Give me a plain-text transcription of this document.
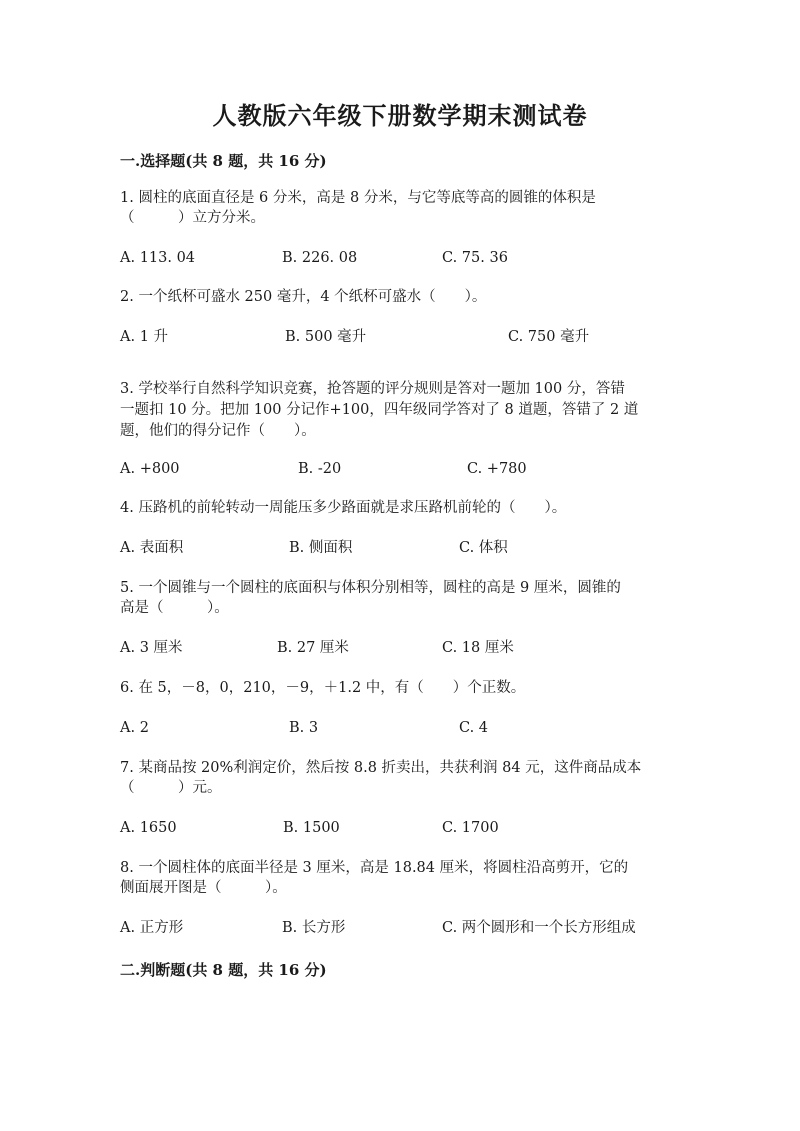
人教版六年级下册数学期末测试卷
一.选择题(共 8 题，共 16 分)
1. 圆柱的底面直径是 6 分米，高是 8 分米，与它等底等高的圆锥的体积是
（　　　）立方分米。
A. 113. 04	B. 226. 08	C. 75. 36
2. 一个纸杯可盛水 250 毫升，4 个纸杯可盛水（　　）。
A. 1 升	B. 500 毫升	C. 750 毫升
3. 学校举行自然科学知识竞赛，抢答题的评分规则是答对一题加 100 分，答错
一题扣 10 分。把加 100 分记作+100，四年级同学答对了 8 道题，答错了 2 道
题，他们的得分记作（　　）。
A. +800	B. -20	C. +780
4. 压路机的前轮转动一周能压多少路面就是求压路机前轮的（　　）。
A. 表面积	B. 侧面积	C. 体积
5. 一个圆锥与一个圆柱的底面积与体积分别相等，圆柱的高是 9 厘米，圆锥的
高是（　　　）。
A. 3 厘米	B. 27 厘米	C. 18 厘米
6. 在 5，－8，0，210，－9，＋1.2 中，有（　　）个正数。
A. 2	B. 3	C. 4
7. 某商品按 20%利润定价，然后按 8.8 折卖出，共获利润 84 元，这件商品成本
（　　　）元。
A. 1650	B. 1500	C. 1700
8. 一个圆柱体的底面半径是 3 厘米，高是 18.84 厘米，将圆柱沿高剪开，它的
侧面展开图是（　　　）。
A. 正方形	B. 长方形	C. 两个圆形和一个长方形组成
二.判断题(共 8 题，共 16 分)
